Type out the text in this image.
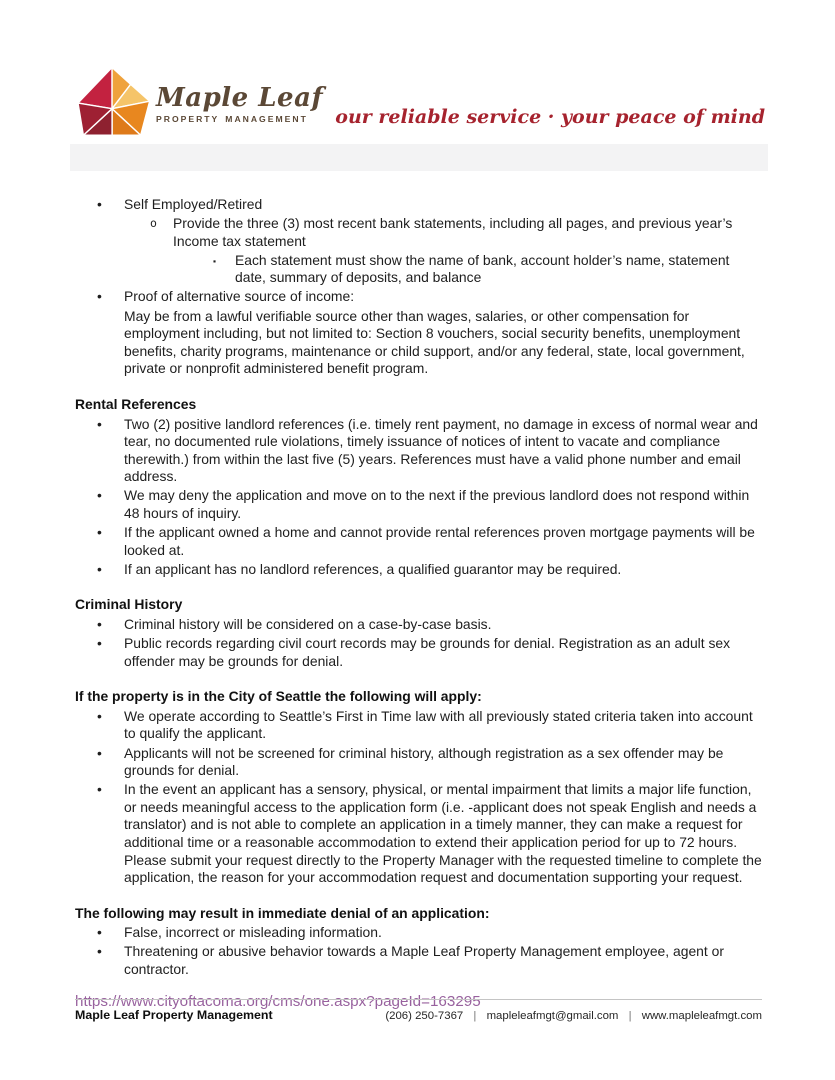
Maple Leaf
PROPERTY MANAGEMENT our reliable service · your peace of mind
• Self Employed/Retired
o Provide the three (3) most recent bank statements, including all pages, and previous year’s Income tax statement
▪ Each statement must show the name of bank, account holder’s name, statement date, summary of deposits, and balance
• Proof of alternative source of income:
May be from a lawful verifiable source other than wages, salaries, or other compensation for employment including, but not limited to: Section 8 vouchers, social security benefits, unemployment benefits, charity programs, maintenance or child support, and/or any federal, state, local government, private or nonprofit administered benefit program.
Rental References
• Two (2) positive landlord references (i.e. timely rent payment, no damage in excess of normal wear and tear, no documented rule violations, timely issuance of notices of intent to vacate and compliance therewith.) from within the last five (5) years. References must have a valid phone number and email address.
• We may deny the application and move on to the next if the previous landlord does not respond within 48 hours of inquiry.
• If the applicant owned a home and cannot provide rental references proven mortgage payments will be looked at.
• If an applicant has no landlord references, a qualified guarantor may be required.
Criminal History
• Criminal history will be considered on a case-by-case basis.
• Public records regarding civil court records may be grounds for denial. Registration as an adult sex offender may be grounds for denial.
If the property is in the City of Seattle the following will apply:
• We operate according to Seattle’s First in Time law with all previously stated criteria taken into account to qualify the applicant.
• Applicants will not be screened for criminal history, although registration as a sex offender may be grounds for denial.
• In the event an applicant has a sensory, physical, or mental impairment that limits a major life function, or needs meaningful access to the application form (i.e. -applicant does not speak English and needs a translator) and is not able to complete an application in a timely manner, they can make a request for additional time or a reasonable accommodation to extend their application period for up to 72 hours. Please submit your request directly to the Property Manager with the requested timeline to complete the application, the reason for your accommodation request and documentation supporting your request.
The following may result in immediate denial of an application:
• False, incorrect or misleading information.
• Threatening or abusive behavior towards a Maple Leaf Property Management employee, agent or contractor.
https://www.cityoftacoma.org/cms/one.aspx?pageId=163295
Maple Leaf Property Management	(206) 250-7367 | mapleleafmgt@gmail.com | www.mapleleafmgt.com
